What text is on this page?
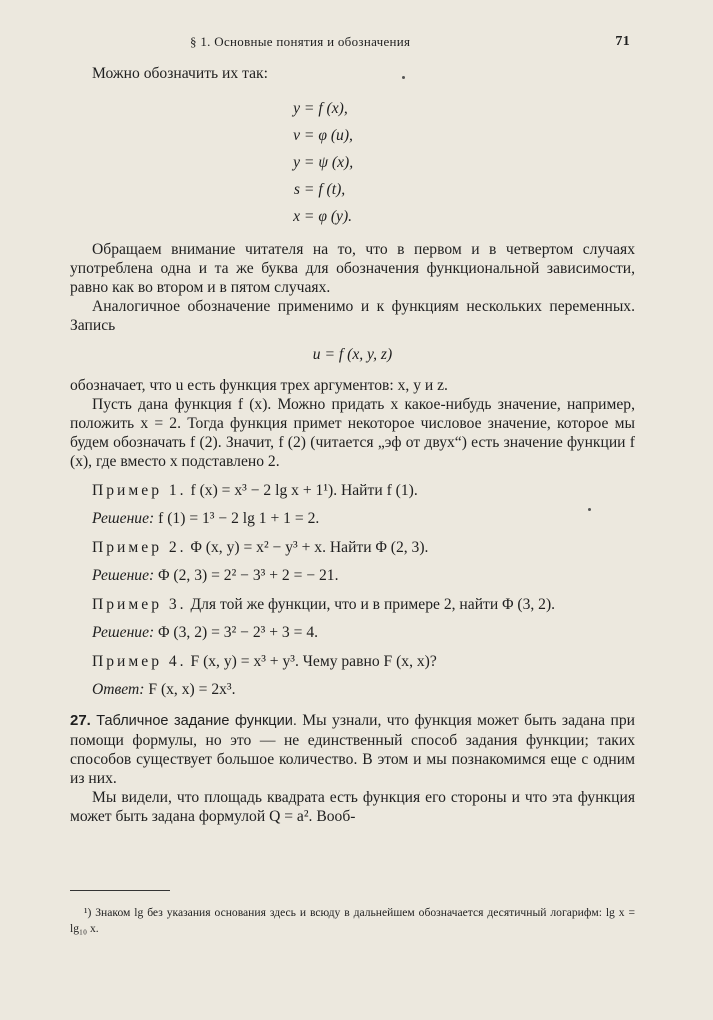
§ 1. Основные понятия и обозначения	71

Можно обозначить их так:

y = f (x),
v = φ (u),
y = ψ (x),
s = f (t),
x = φ (y).

Обращаем внимание читателя на то, что в первом и в четвертом случаях употреблена одна и та же буква для обозначения функциональной зависимости, равно как во втором и в пятом случаях.

Аналогичное обозначение применимо и к функциям нескольких переменных. Запись

u = f (x, y, z)

обозначает, что u есть функция трех аргументов: x, y и z.

Пусть дана функция f (x). Можно придать x какое-нибудь значение, например, положить x = 2. Тогда функция примет некоторое числовое значение, которое мы будем обозначать f (2). Значит, f (2) (читается „эф от двух“) есть значение функции f (x), где вместо x подставлено 2.

Пример 1. f (x) = x³ − 2 lg x + 1¹). Найти f (1).

Решение: f (1) = 1³ − 2 lg 1 + 1 = 2.

Пример 2. Φ (x, y) = x² − y³ + x. Найти Φ (2, 3).

Решение: Φ (2, 3) = 2² − 3³ + 2 = − 21.

Пример 3. Для той же функции, что и в примере 2, найти Φ (3, 2).

Решение: Φ (3, 2) = 3² − 2³ + 3 = 4.

Пример 4. F (x, y) = x³ + y³. Чему равно F (x, x)?

Ответ: F (x, x) = 2x³.

27. Табличное задание функции. Мы узнали, что функция может быть задана при помощи формулы, но это — не единственный способ задания функции; таких способов существует большое количество. В этом и мы познакомимся еще с одним из них.

Мы видели, что площадь квадрата есть функция его стороны и что эта функция может быть задана формулой Q = a². Вооб-

¹) Знаком lg без указания основания здесь и всюду в дальнейшем обозначается десятичный логарифм: lg x = lg₁₀ x.
